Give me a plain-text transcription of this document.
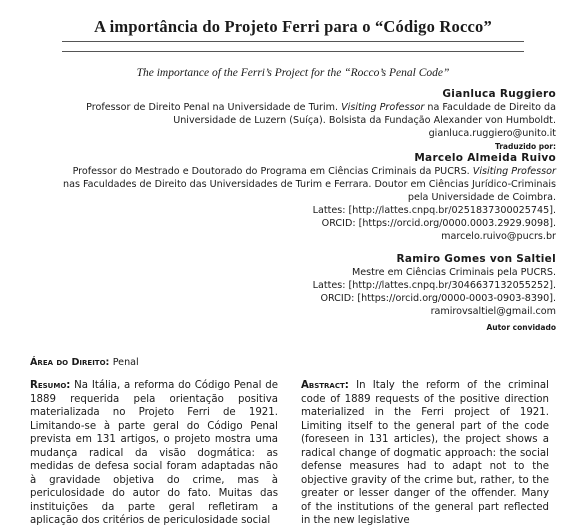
A importância do Projeto Ferri para o “Código Rocco”
The importance of the Ferri’s Project for the “Rocco’s Penal Code”
Gianluca Ruggiero
Professor de Direito Penal na Universidade de Turim. Visiting Professor na Faculdade de Direito da
Universidade de Luzern (Suíça). Bolsista da Fundação Alexander von Humboldt.
gianluca.ruggiero@unito.it
Traduzido por:
Marcelo Almeida Ruivo
Professor do Mestrado e Doutorado do Programa em Ciências Criminais da PUCRS. Visiting Professor
nas Faculdades de Direito das Universidades de Turim e Ferrara. Doutor em Ciências Jurídico-Criminais
pela Universidade de Coimbra.
Lattes: [http://lattes.cnpq.br/0251837300025745].
ORCID: [https://orcid.org/0000.0003.2929.9098].
marcelo.ruivo@pucrs.br
Ramiro Gomes von Saltiel
Mestre em Ciências Criminais pela PUCRS.
Lattes: [http://lattes.cnpq.br/3046637132055252].
ORCID: [https://orcid.org/0000-0003-0903-8390].
ramirovsaltiel@gmail.com
Autor convidado
Área do Direito: Penal
Resumo: Na Itália, a reforma do Código Penal de 1889 requerida pela orientação positiva materializada no Projeto Ferri de 1921. Limitando-se à parte geral do Código Penal prevista em 131 artigos, o projeto mostra uma mudança radical da visão dogmática: as medidas de defesa social foram adaptadas não à gravidade objetiva do crime, mas à periculosidade do autor do fato. Muitas das instituições da parte geral refletiram a aplicação dos critérios de periculosidade social
Abstract: In Italy the reform of the criminal code of 1889 requests of the positive direction materialized in the Ferri project of 1921. Limiting itself to the general part of the code (foreseen in 131 articles), the project shows a radical change of dogmatic approach: the social defense measures had to adapt not to the objective gravity of the crime but, rather, to the greater or lesser danger of the offender. Many of the institutions of the general part reflected in the new legislative
